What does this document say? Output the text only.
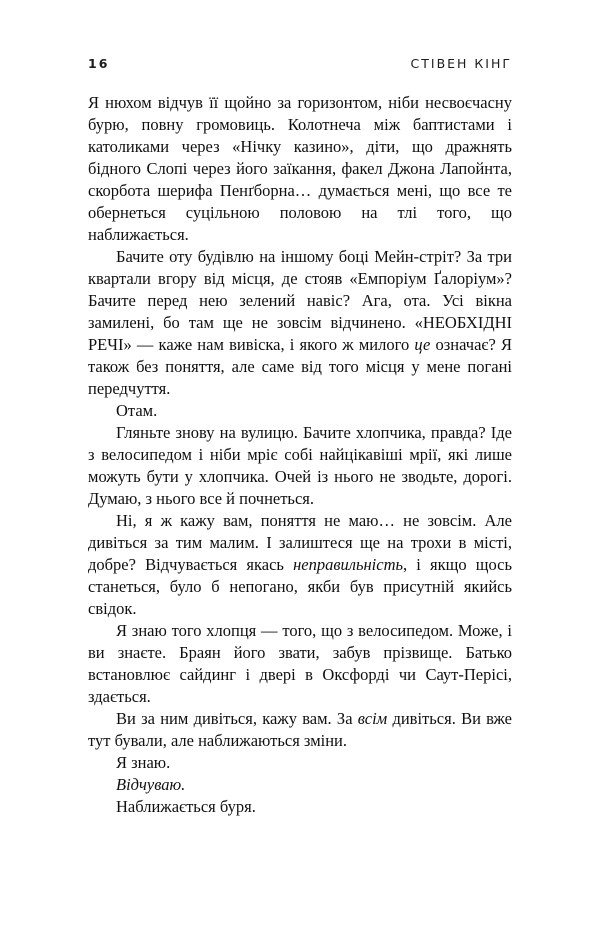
16	СТІВЕН КІНГ

Я нюхом відчув її щойно за горизонтом, ніби несвоєчасну бурю, повну громовиць. Колотнеча між баптистами і католиками через «Нічку казино», діти, що дражнять бідного Слопі через його заїкання, факел Джона Лапойнта, скорбота шерифа Пенґборна… думається мені, що все те обернеться суцільною половою на тлі того, що наближається.

Бачите оту будівлю на іншому боці Мейн-стріт? За три квартали вгору від місця, де стояв «Емпоріум Ґалоріум»? Бачите перед нею зелений навіс? Ага, ота. Усі вікна замилені, бо там ще не зовсім відчинено. «НЕОБХІДНІ РЕЧІ» — каже нам вивіска, і якого ж милого це означає? Я також без поняття, але саме від того місця у мене погані передчуття.

Отам.

Гляньте знову на вулицю. Бачите хлопчика, правда? Іде з велосипедом і ніби мріє собі найцікавіші мрії, які лише можуть бути у хлопчика. Очей із нього не зводьте, дорогі. Думаю, з нього все й почнеться.

Ні, я ж кажу вам, поняття не маю… не зовсім. Але дивіться за тим малим. І залиштеся ще на трохи в місті, добре? Відчувається якась неправильність, і якщо щось станеться, було б непогано, якби був присутній якийсь свідок.

Я знаю того хлопця — того, що з велосипедом. Може, і ви знаєте. Браян його звати, забув прізвище. Батько встановлює сайдинг і двері в Оксфорді чи Саут-Перісі, здається.

Ви за ним дивіться, кажу вам. За всім дивіться. Ви вже тут бували, але наближаються зміни.

Я знаю.

Відчуваю.

Наближається буря.
